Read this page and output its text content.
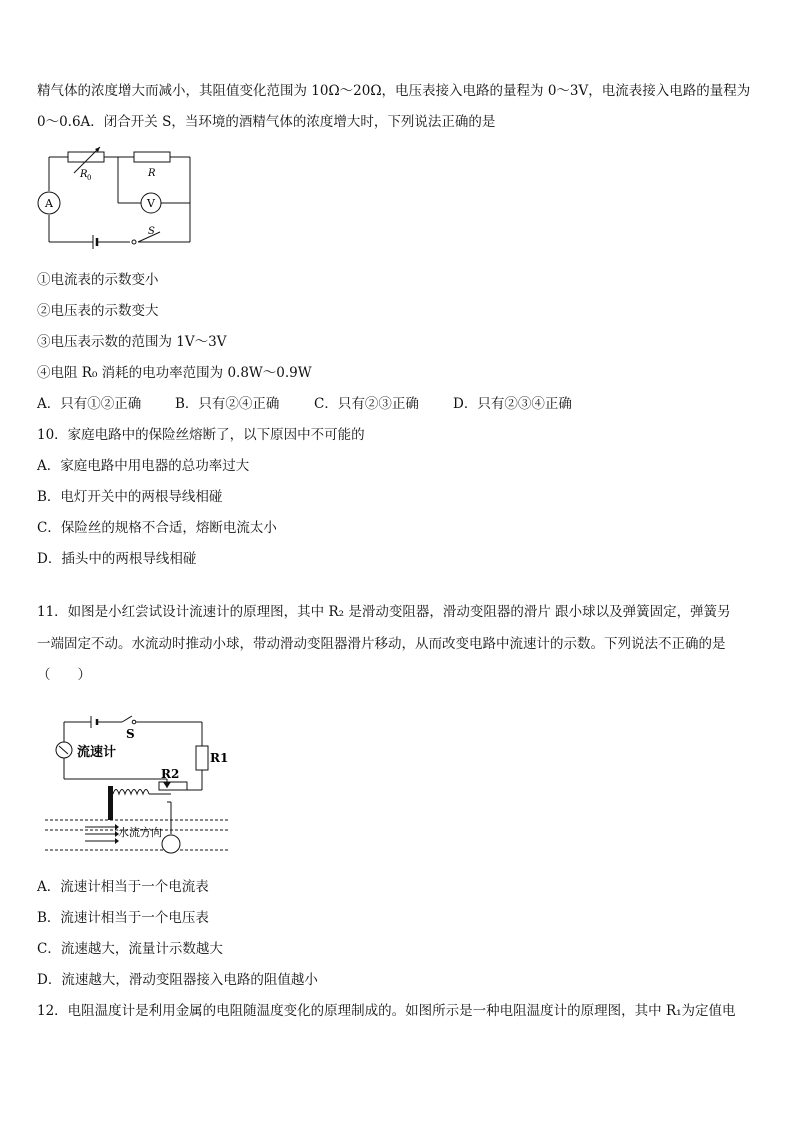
精气体的浓度增大而减小，其阻值变化范围为 10Ω～20Ω，电压表接入电路的量程为 0～3V，电流表接入电路的量程为
0～0.6A．闭合开关 S，当环境的酒精气体的浓度增大时，下列说法正确的是
A	V
R 0	R
S
①电流表的示数变小
②电压表的示数变大
③电压表示数的范围为 1V～3V
④电阻 R₀ 消耗的电功率范围为 0.8W～0.9W
A．只有①②正确	B．只有②④正确	C．只有②③正确	D．只有②③④正确
10．家庭电路中的保险丝熔断了，以下原因中不可能的
A．家庭电路中用电器的总功率过大
B．电灯开关中的两根导线相碰
C．保险丝的规格不合适，熔断电流太小
D．插头中的两根导线相碰
11．如图是小红尝试设计流速计的原理图，其中 R₂ 是滑动变阻器，滑动变阻器的滑片 跟小球以及弹簧固定，弹簧另
一端固定不动。水流动时推动小球，带动滑动变阻器滑片移动，从而改变电路中流速计的示数。下列说法不正确的是
（　　）
流速计
S
R1
R2
水流方向
A．流速计相当于一个电流表
B．流速计相当于一个电压表
C．流速越大，流量计示数越大
D．流速越大，滑动变阻器接入电路的阻值越小
12．电阻温度计是利用金属的电阻随温度变化的原理制成的。如图所示是一种电阻温度计的原理图，其中 R₁为定值电
